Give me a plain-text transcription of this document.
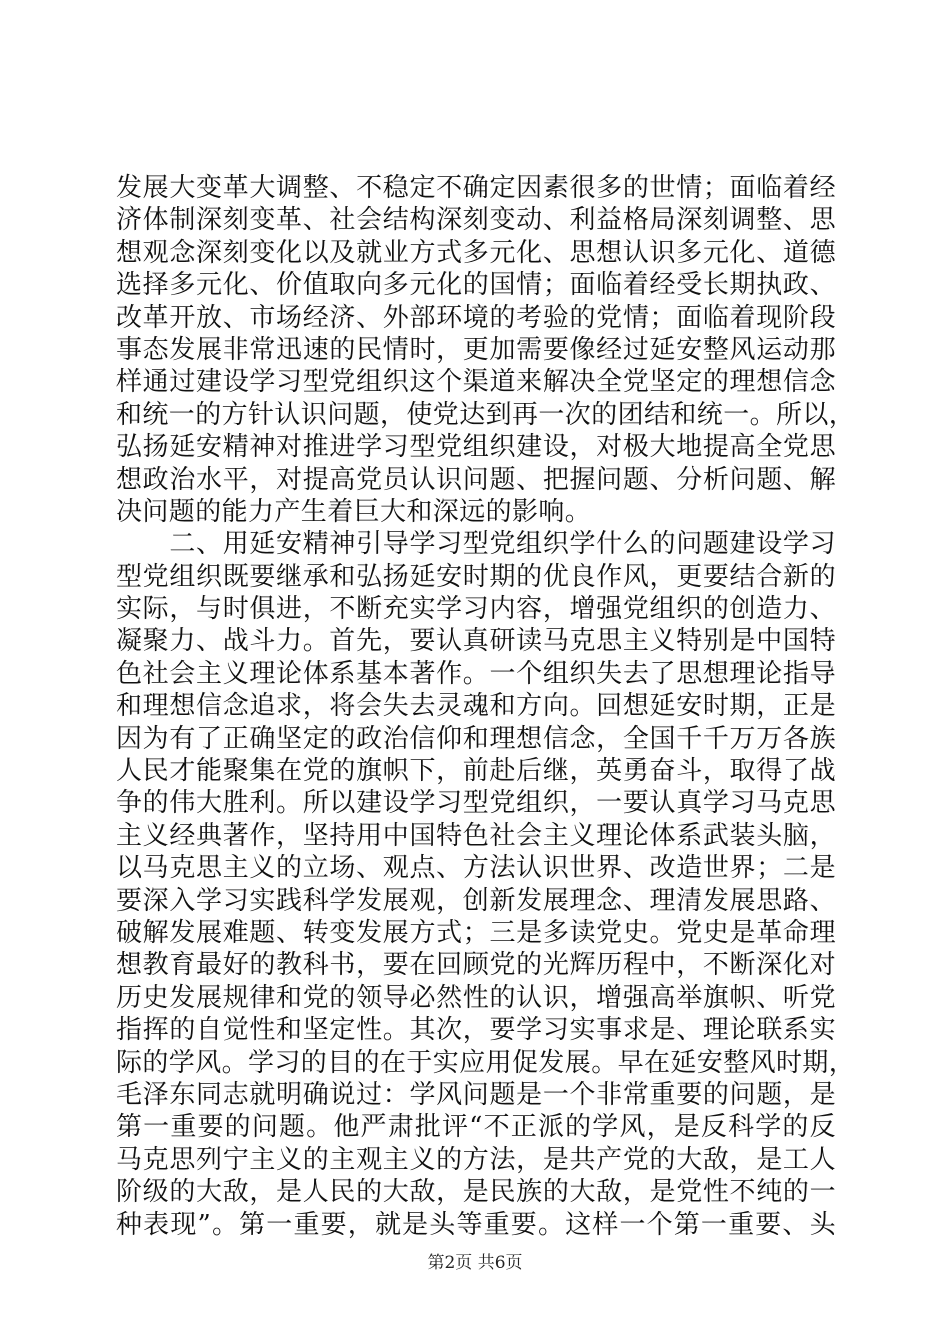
发展大变革大调整、不稳定不确定因素很多的世情；面临着经
济体制深刻变革、社会结构深刻变动、利益格局深刻调整、思
想观念深刻变化以及就业方式多元化、思想认识多元化、道德
选择多元化、价值取向多元化的国情；面临着经受长期执政、
改革开放、市场经济、外部环境的考验的党情；面临着现阶段
事态发展非常迅速的民情时，更加需要像经过延安整风运动那
样通过建设学习型党组织这个渠道来解决全党坚定的理想信念
和统一的方针认识问题，使党达到再一次的团结和统一。所以，
弘扬延安精神对推进学习型党组织建设，对极大地提高全党思
想政治水平，对提高党员认识问题、把握问题、分析问题、解
决问题的能力产生着巨大和深远的影响。
　　二、用延安精神引导学习型党组织学什么的问题建设学习
型党组织既要继承和弘扬延安时期的优良作风，更要结合新的
实际，与时俱进，不断充实学习内容，增强党组织的创造力、
凝聚力、战斗力。首先，要认真研读马克思主义特别是中国特
色社会主义理论体系基本著作。一个组织失去了思想理论指导
和理想信念追求，将会失去灵魂和方向。回想延安时期，正是
因为有了正确坚定的政治信仰和理想信念，全国千千万万各族
人民才能聚集在党的旗帜下，前赴后继，英勇奋斗，取得了战
争的伟大胜利。所以建设学习型党组织，一要认真学习马克思
主义经典著作，坚持用中国特色社会主义理论体系武装头脑，
以马克思主义的立场、观点、方法认识世界、改造世界；二是
要深入学习实践科学发展观，创新发展理念、理清发展思路、
破解发展难题、转变发展方式；三是多读党史。党史是革命理
想教育最好的教科书，要在回顾党的光辉历程中，不断深化对
历史发展规律和党的领导必然性的认识，增强高举旗帜、听党
指挥的自觉性和坚定性。其次，要学习实事求是、理论联系实
际的学风。学习的目的在于实应用促发展。早在延安整风时期，
毛泽东同志就明确说过：学风问题是一个非常重要的问题，是
第一重要的问题。他严肃批评“不正派的学风，是反科学的反
马克思列宁主义的主观主义的方法，是共产党的大敌，是工人
阶级的大敌，是人民的大敌，是民族的大敌，是党性不纯的一
种表现”。第一重要，就是头等重要。这样一个第一重要、头
第2页 共6页
